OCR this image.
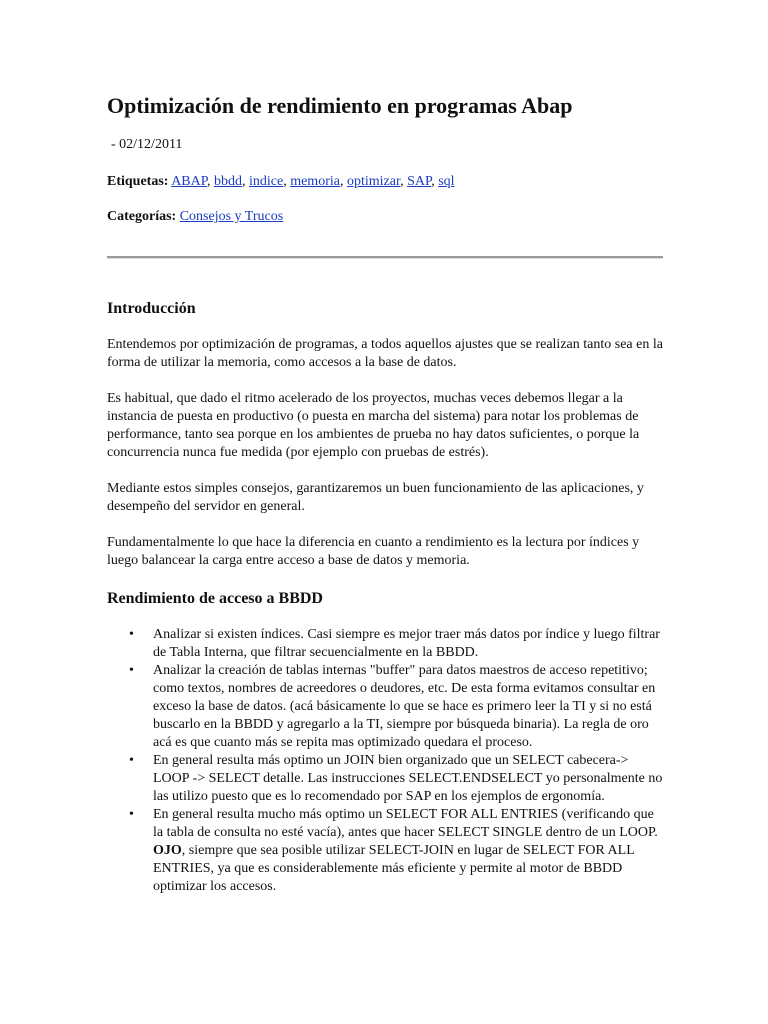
Optimización de rendimiento en programas Abap
- 02/12/2011
Etiquetas: ABAP, bbdd, indice, memoria, optimizar, SAP, sql
Categorías: Consejos y Trucos
Introducción

Entendemos por optimización de programas, a todos aquellos ajustes que se realizan tanto sea en la forma de utilizar la memoria, como accesos a la base de datos.

Es habitual, que dado el ritmo acelerado de los proyectos, muchas veces debemos llegar a la instancia de puesta en productivo (o puesta en marcha del sistema) para notar los problemas de performance, tanto sea porque en los ambientes de prueba no hay datos suficientes, o porque la concurrencia nunca fue medida (por ejemplo con pruebas de estrés).

Mediante estos simples consejos, garantizaremos un buen funcionamiento de las aplicaciones, y desempeño del servidor en general.

Fundamentalmente lo que hace la diferencia en cuanto a rendimiento es la lectura por índices y luego balancear la carga entre acceso a base de datos y memoria.

Rendimiento de acceso a BBDD
• Analizar si existen índices. Casi siempre es mejor traer más datos por índice y luego filtrar de Tabla Interna, que filtrar secuencialmente en la BBDD.
• Analizar la creación de tablas internas "buffer" para datos maestros de acceso repetitivo; como textos, nombres de acreedores o deudores, etc. De esta forma evitamos consultar en exceso la base de datos. (acá básicamente lo que se hace es primero leer la TI y si no está buscarlo en la BBDD y agregarlo a la TI, siempre por búsqueda binaria). La regla de oro acá es que cuanto más se repita mas optimizado quedara el proceso.
• En general resulta más optimo un JOIN bien organizado que un SELECT cabecera-> LOOP -> SELECT detalle. Las instrucciones SELECT.ENDSELECT yo personalmente no las utilizo puesto que es lo recomendado por SAP en los ejemplos de ergonomía.
• En general resulta mucho más optimo un SELECT FOR ALL ENTRIES (verificando que la tabla de consulta no esté vacía), antes que hacer SELECT SINGLE dentro de un LOOP. OJO, siempre que sea posible utilizar SELECT-JOIN en lugar de SELECT FOR ALL ENTRIES, ya que es considerablemente más eficiente y permite al motor de BBDD optimizar los accesos.
